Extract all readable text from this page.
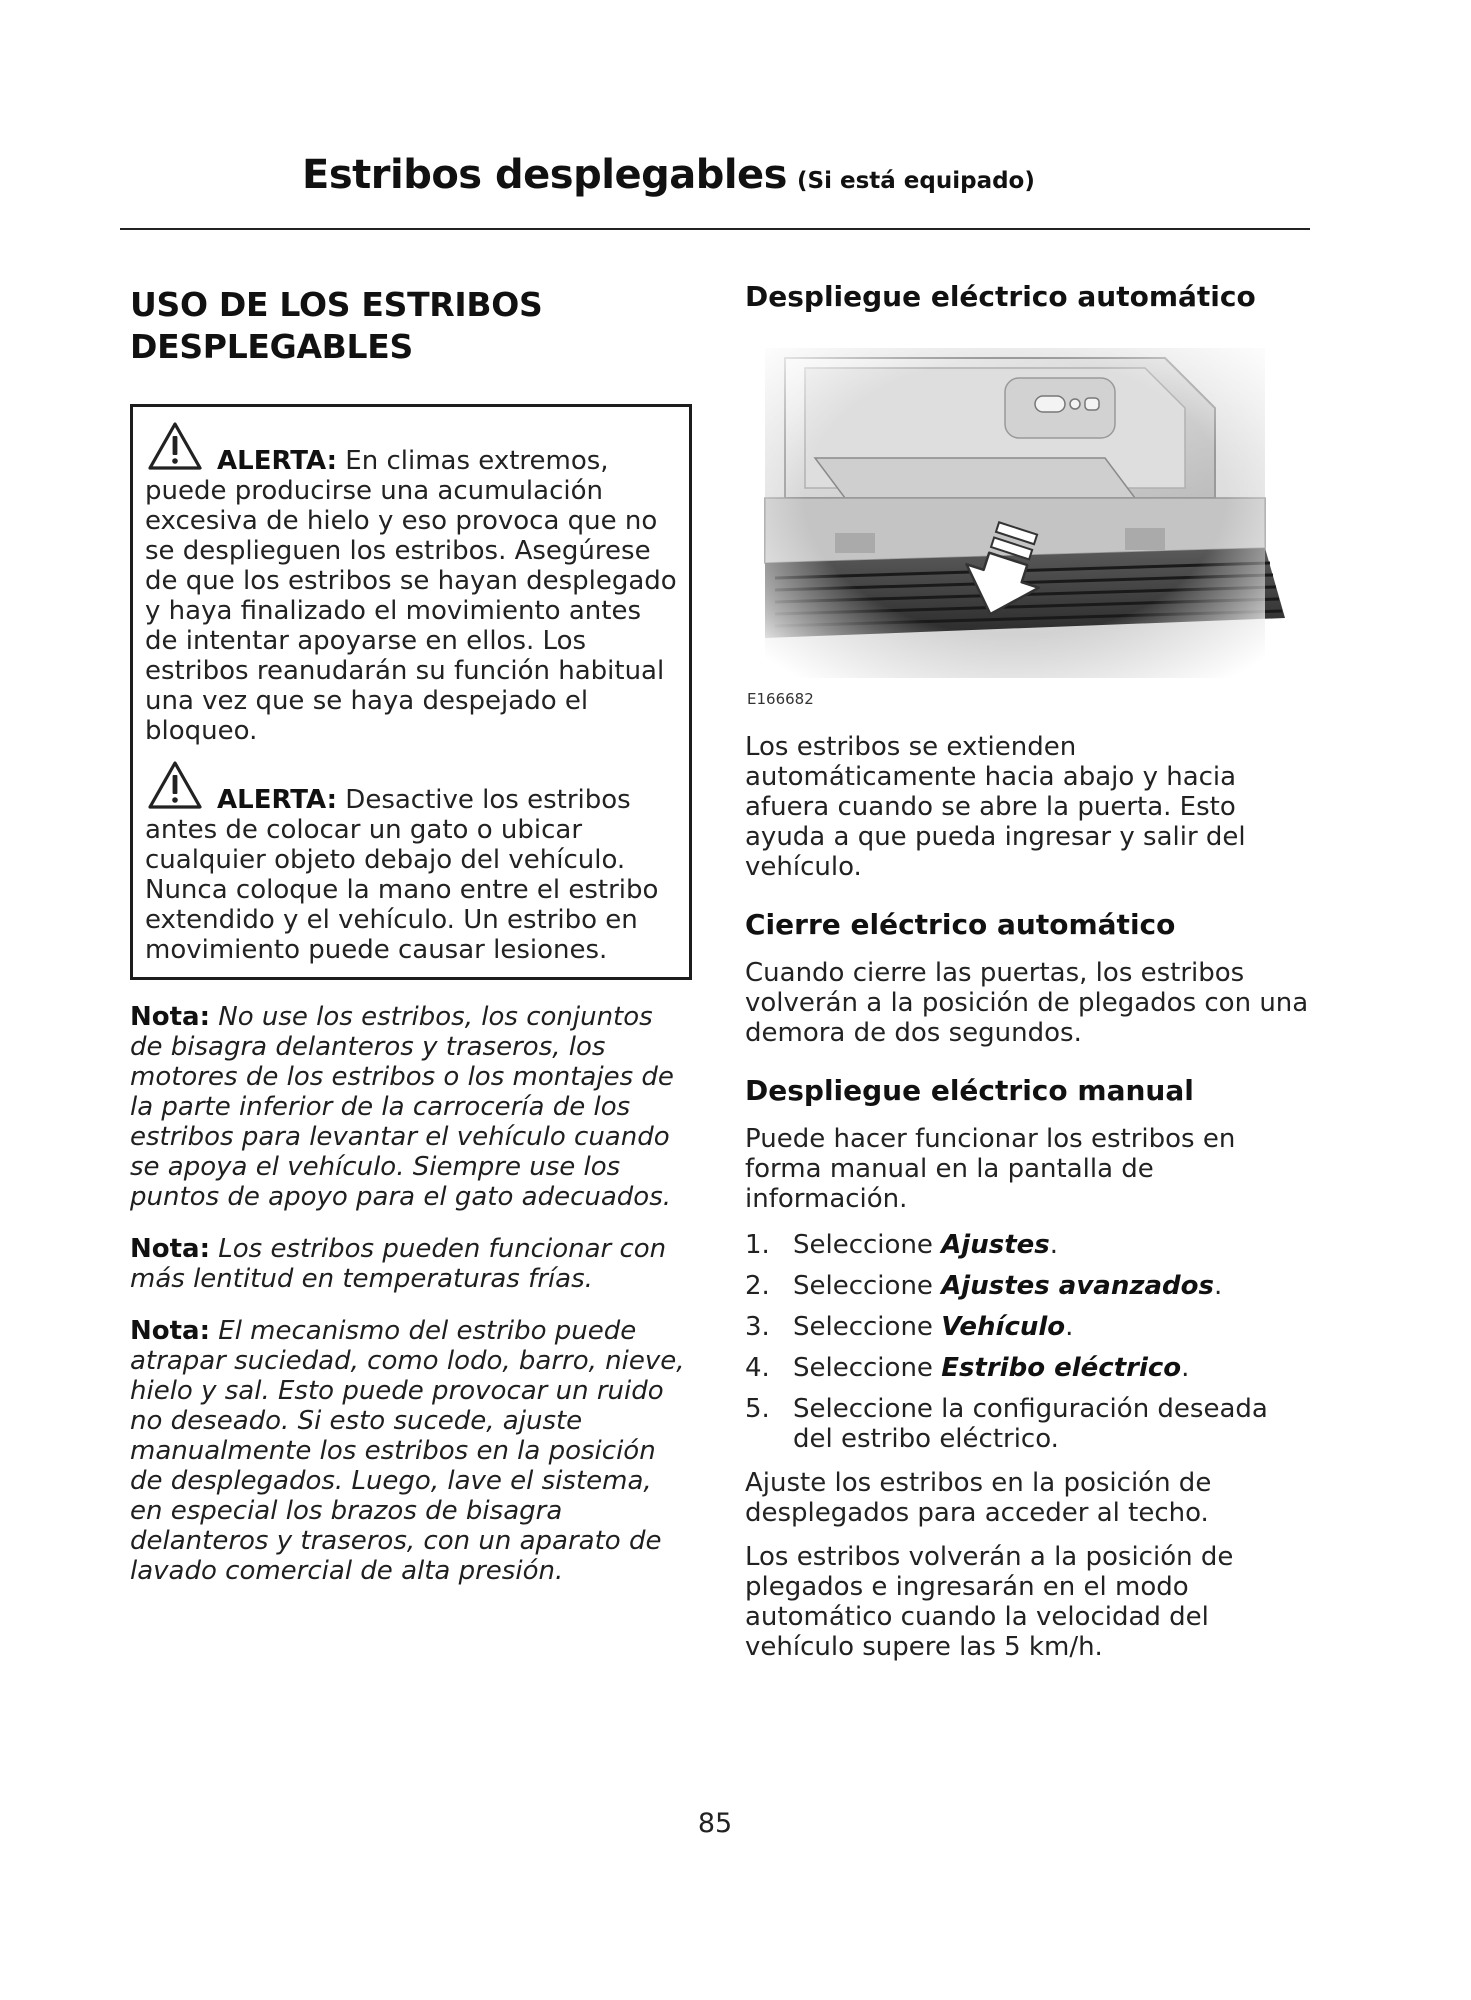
Estribos desplegables (Si está equipado)
USO DE LOS ESTRIBOS
DESPLEGABLES

ALERTA: En climas extremos, puede producirse una acumulación excesiva de hielo y eso provoca que no se desplieguen los estribos. Asegúrese de que los estribos se hayan desplegado y haya finalizado el movimiento antes de intentar apoyarse en ellos. Los estribos reanudarán su función habitual una vez que se haya despejado el bloqueo.

ALERTA: Desactive los estribos antes de colocar un gato o ubicar cualquier objeto debajo del vehículo. Nunca coloque la mano entre el estribo extendido y el vehículo. Un estribo en movimiento puede causar lesiones.

Nota: No use los estribos, los conjuntos de bisagra delanteros y traseros, los motores de los estribos o los montajes de la parte inferior de la carrocería de los estribos para levantar el vehículo cuando se apoya el vehículo. Siempre use los puntos de apoyo para el gato adecuados.

Nota: Los estribos pueden funcionar con más lentitud en temperaturas frías.

Nota: El mecanismo del estribo puede atrapar suciedad, como lodo, barro, nieve, hielo y sal. Esto puede provocar un ruido no deseado. Si esto sucede, ajuste manualmente los estribos en la posición de desplegados. Luego, lave el sistema, en especial los brazos de bisagra delanteros y traseros, con un aparato de lavado comercial de alta presión.

Despliegue eléctrico automático
E166682

Los estribos se extienden automáticamente hacia abajo y hacia afuera cuando se abre la puerta. Esto ayuda a que pueda ingresar y salir del vehículo.

Cierre eléctrico automático

Cuando cierre las puertas, los estribos volverán a la posición de plegados con una demora de dos segundos.

Despliegue eléctrico manual

Puede hacer funcionar los estribos en forma manual en la pantalla de información.

1. Seleccione Ajustes.
2. Seleccione Ajustes avanzados.
3. Seleccione Vehículo.
4. Seleccione Estribo eléctrico.
5. Seleccione la configuración deseada del estribo eléctrico.

Ajuste los estribos en la posición de desplegados para acceder al techo.

Los estribos volverán a la posición de plegados e ingresarán en el modo automático cuando la velocidad del vehículo supere las 5 km/h.

85
